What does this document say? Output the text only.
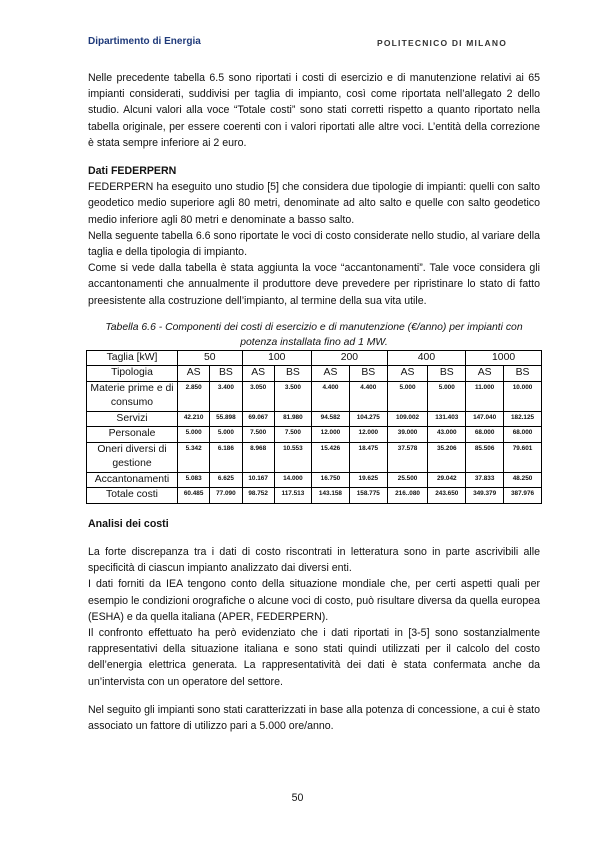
Dipartimento di Energia	POLITECNICO DI MILANO

Nelle precedente tabella 6.5 sono riportati i costi di esercizio e di manutenzione relativi ai 65 impianti considerati, suddivisi per taglia di impianto, così come riportata nell’allegato 2 dello studio. Alcuni valori alla voce “Totale costi” sono stati corretti rispetto a quanto riportato nella tabella originale, per essere coerenti con i valori riportati alle altre voci. L’entità della correzione è stata sempre inferiore ai 2 euro.

Dati FEDERPERN

FEDERPERN ha eseguito uno studio [5] che considera due tipologie di impianti: quelli con salto geodetico medio superiore agli 80 metri, denominate ad alto salto e quelle con salto geodetico medio inferiore agli 80 metri e denominate a basso salto.

Nella seguente tabella 6.6 sono riportate le voci di costo considerate nello studio, al variare della taglia e della tipologia di impianto.

Come si vede dalla tabella è stata aggiunta la voce “accantonamenti”. Tale voce considera gli accantonamenti che annualmente il produttore deve prevedere per ripristinare lo stato di fatto preesistente alla costruzione dell’impianto, al termine della sua vita utile.

Tabella 6.6 - Componenti dei costi di esercizio e di manutenzione (€/anno) per impianti con potenza installata fino ad 1 MW.
Taglia [kW]	50		100		200		400		1000	
Tipologia	AS	BS	AS	BS	AS	BS	AS	BS	AS	BS
Materie prime e di consumo	2.850	3.400	3.050	3.500	4.400	4.400	5.000	5.000	11.000	10.000
Servizi	42.210	55.898	69.067	81.980	94.582	104.275	109.002	131.403	147.040	182.125
Personale	5.000	5.000	7.500	7.500	12.000	12.000	39.000	43.000	68.000	68.000
Oneri diversi di gestione	5.342	6.186	8.968	10.553	15.426	18.475	37.578	35.206	85.506	79.601
Accantonamenti	5.083	6.625	10.167	14.000	16.750	19.625	25.500	29.042	37.833	48.250
Totale costi	60.485	77.090	98.752	117.513	143.158	158.775	216..080	243.650	349.379	387.976

Analisi dei costi

La forte discrepanza tra i dati di costo riscontrati in letteratura sono in parte ascrivibili alle specificità di ciascun impianto analizzato dai diversi enti.

I dati forniti da IEA tengono conto della situazione mondiale che, per certi aspetti quali per esempio le condizioni orografiche o alcune voci di costo, può risultare diversa da quella europea (ESHA) e da quella italiana (APER, FEDERPERN).

Il confronto effettuato ha però evidenziato che i dati riportati in [3-5] sono sostanzialmente rappresentativi della situazione italiana e sono stati quindi utilizzati per il calcolo del costo dell’energia elettrica generata. La rappresentatività dei dati è stata confermata anche da un’intervista con un operatore del settore.

Nel seguito gli impianti sono stati caratterizzati in base alla potenza di concessione, a cui è stato associato un fattore di utilizzo pari a 5.000 ore/anno.

50
